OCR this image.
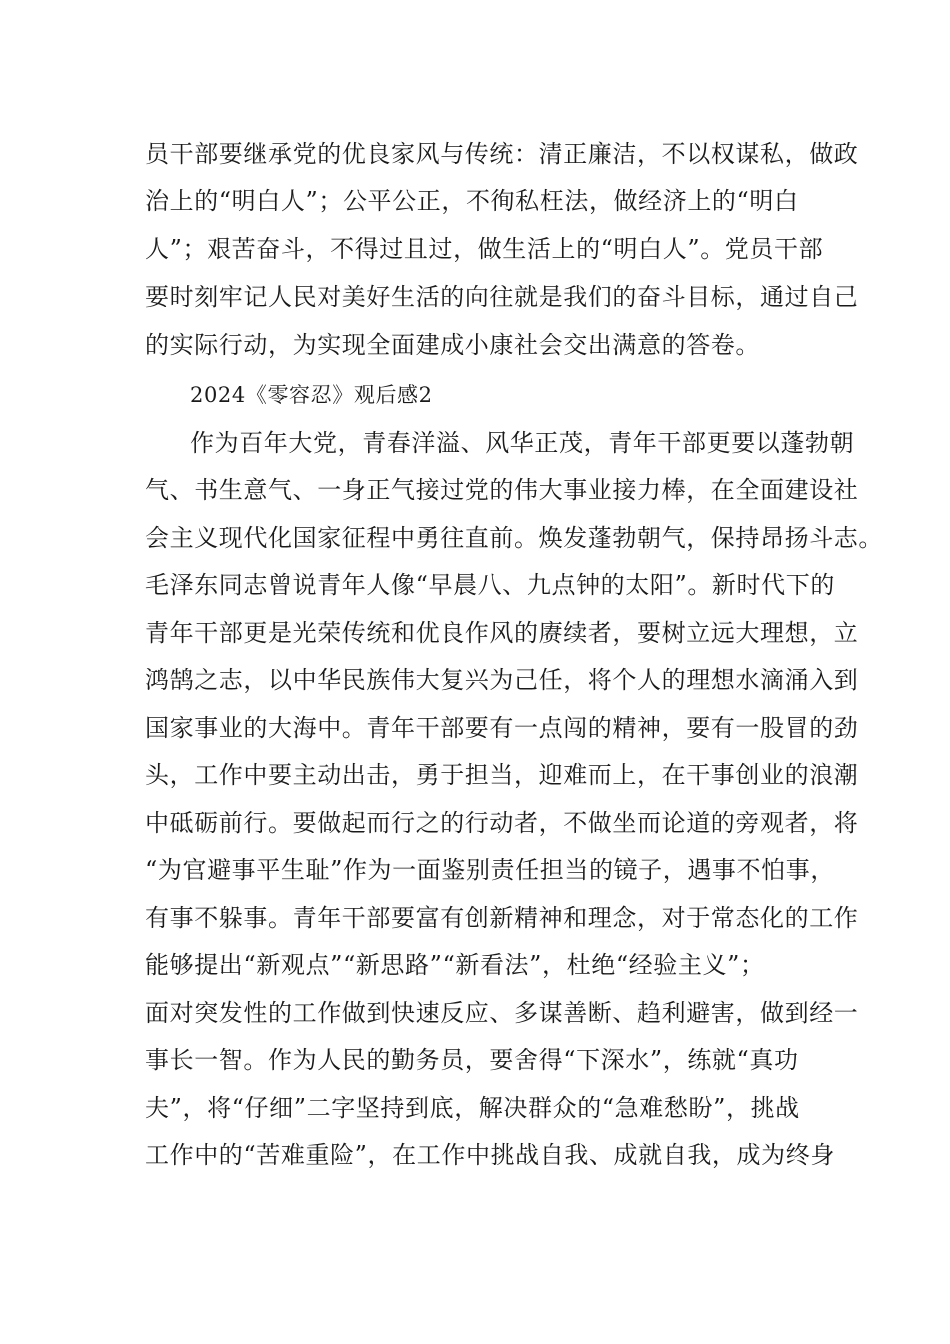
员干部要继承党的优良家风与传统：清正廉洁，不以权谋私，做政
治上的“明白人”；公平公正，不徇私枉法，做经济上的“明白
人”；艰苦奋斗，不得过且过，做生活上的“明白人”。党员干部
要时刻牢记人民对美好生活的向往就是我们的奋斗目标，通过自己
的实际行动，为实现全面建成小康社会交出满意的答卷。
2024《零容忍》观后感2
作为百年大党，青春洋溢、风华正茂，青年干部更要以蓬勃朝
气、书生意气、一身正气接过党的伟大事业接力棒，在全面建设社
会主义现代化国家征程中勇往直前。焕发蓬勃朝气，保持昂扬斗志。
毛泽东同志曾说青年人像“早晨八、九点钟的太阳”。新时代下的
青年干部更是光荣传统和优良作风的赓续者，要树立远大理想，立
鸿鹄之志，以中华民族伟大复兴为己任，将个人的理想水滴涌入到
国家事业的大海中。青年干部要有一点闯的精神，要有一股冒的劲
头，工作中要主动出击，勇于担当，迎难而上，在干事创业的浪潮
中砥砺前行。要做起而行之的行动者，不做坐而论道的旁观者，将
“为官避事平生耻”作为一面鉴别责任担当的镜子，遇事不怕事，
有事不躲事。青年干部要富有创新精神和理念，对于常态化的工作
能够提出“新观点”“新思路”“新看法”，杜绝“经验主义”；
面对突发性的工作做到快速反应、多谋善断、趋利避害，做到经一
事长一智。作为人民的勤务员，要舍得“下深水”，练就“真功
夫”，将“仔细”二字坚持到底，解决群众的“急难愁盼”，挑战
工作中的“苦难重险”，在工作中挑战自我、成就自我，成为终身
